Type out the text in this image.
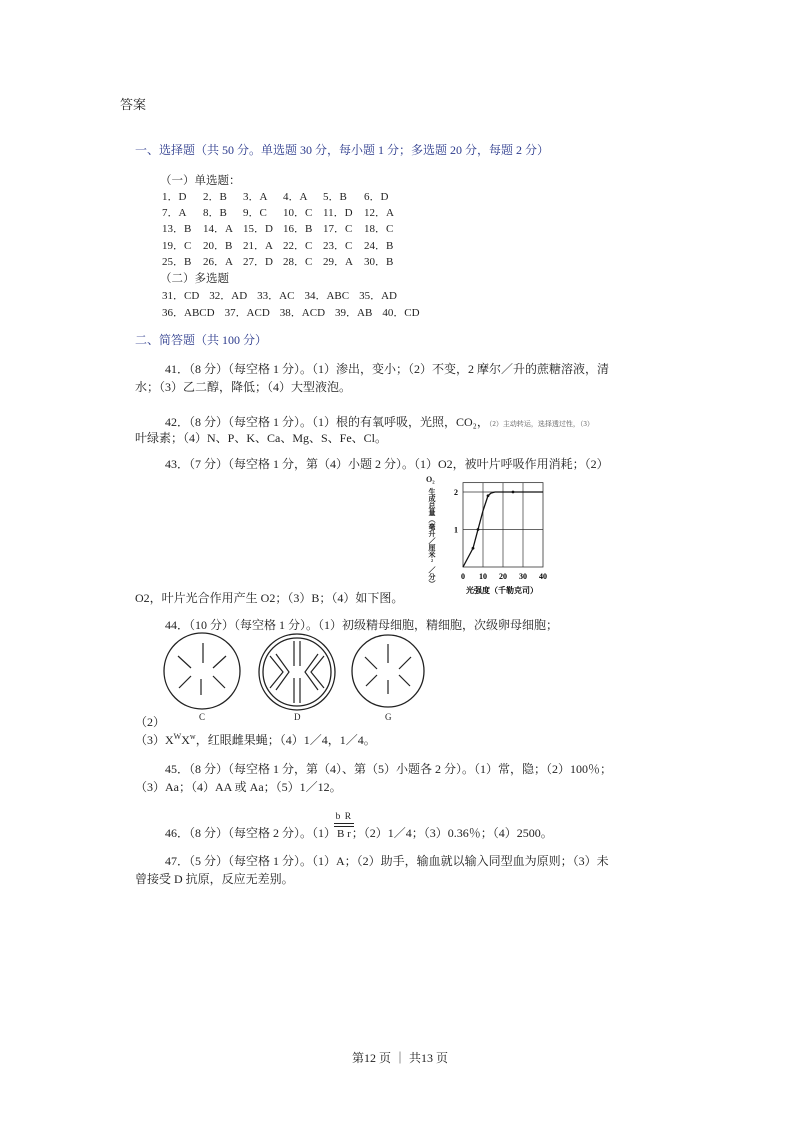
答案
一、选择题（共 50 分。单选题 30 分，每小题 1 分；多选题 20 分，每题 2 分）
（一）单选题：
1．D 2．B 3．A 4．A 5．B 6．D
7．A 8．B 9．C 10．C 11．D 12．A
13．B 14．A 15．D 16．B 17．C 18．C
19．C 20．B 21．A 22．C 23．C 24．B
25．B 26．A 27．D 28．C 29．A 30．B
（二）多选题
31．CD 32．AD 33．AC 34．ABC 35．AD
36．ABCD 37．ACD 38．ACD 39．AB 40．CD
二、简答题（共 100 分）
41．（8 分）（每空格 1 分）。（1）渗出，变小；（2）不变，2 摩尔／升的蔗糖溶液，清
水；（3）乙二醇，降低；（4）大型液泡。
42．（8 分）（每空格 1 分）。（1）根的有氧呼吸，光照，CO₂，（2）主动转运，选择透过性，（3）
叶绿素；（4）N、P、K、Ca、Mg、S、Fe、Cl。
43．（7 分）（每空格 1 分，第（4）小题 2 分）。（1）O2，被叶片呼吸作用消耗；（2）
O₂
生成总量（毫升／厘米²／分）
光强度（千勒克司）
0 10 20 30 40
1
2
O2，叶片光合作用产生 O2；（3）B；（4）如下图。
44．（10 分）（每空格 1 分）。（1）初级精母细胞，精细胞，次级卵母细胞；
C	D	G
（2）
$(3)X^WX^w$，红眼雌果蝇；（4）1／4，1／4。
45．（8 分）（每空格 1 分，第（4）、第（5）小题各 2 分）。（1）常，隐；（2）100％；
（3）Aa；（4）AA 或 Aa；（5）1／12。
46．（8 分）（每空格 2 分）。（1）
b R
B r；（2）1／4；（3）0.36％；（4）2500。
47．（5 分）（每空格 1 分）。（1）A；（2）助手，输血就以输入同型血为原则；（3）未
曾接受 D 抗原，反应无差别。
第12 页 ｜ 共13 页
